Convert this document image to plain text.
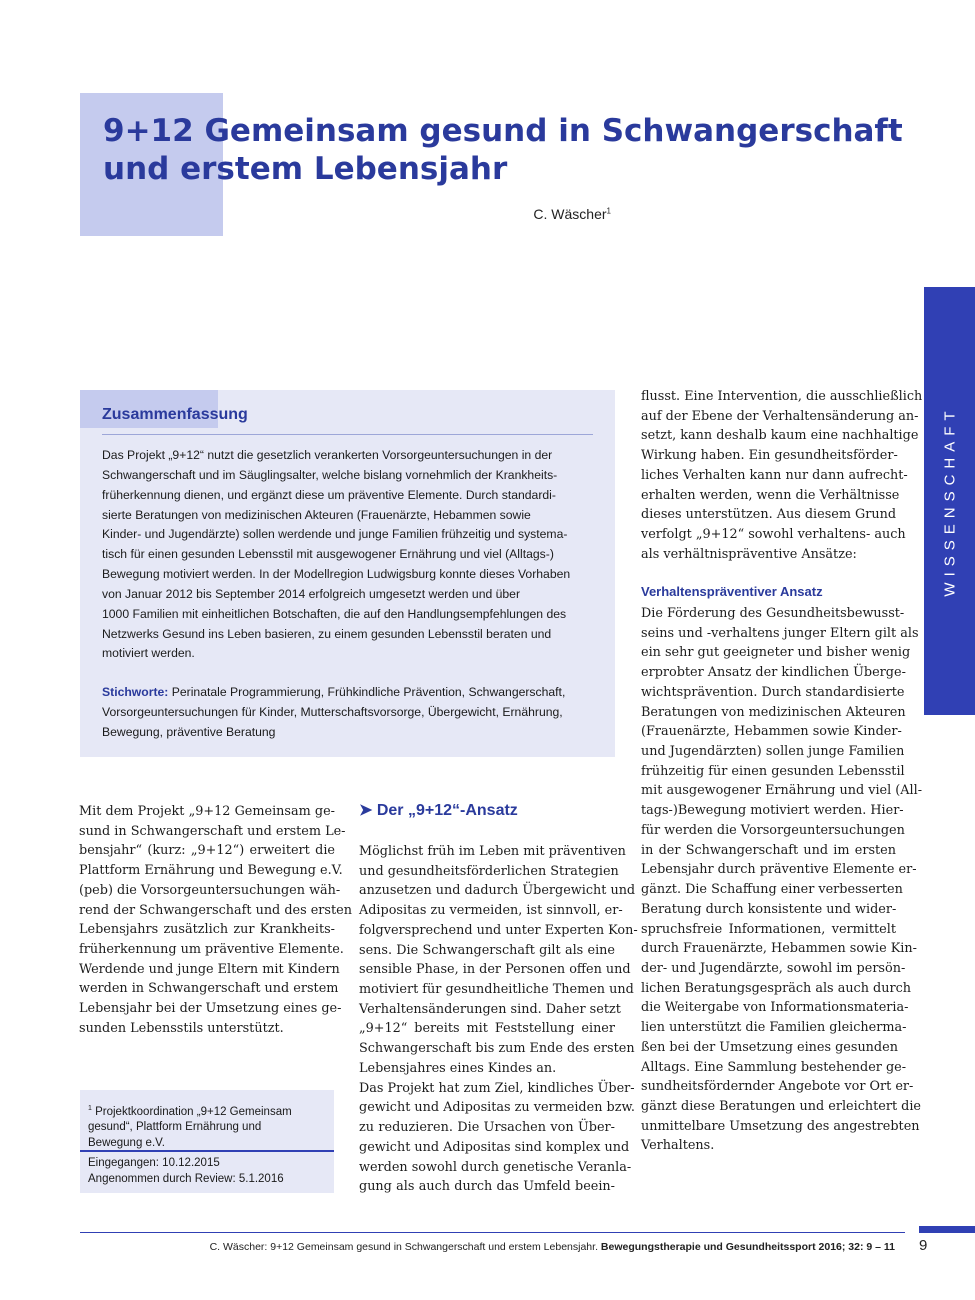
9+12 Gemeinsam gesund in Schwangerschaft
und erstem Lebensjahr
C. Wäscher$^1$
WISSENSCHAFT
Zusammenfassung
Das Projekt „9+12“ nutzt die gesetzlich verankerten Vorsorgeuntersuchungen in der
Schwangerschaft und im Säuglingsalter, welche bislang vornehmlich der Krankheits-
früherkennung dienen, und ergänzt diese um präventive Elemente. Durch standardi-
sierte Beratungen von medizinischen Akteuren (Frauenärzte, Hebammen sowie
Kinder- und Jugendärzte) sollen werdende und junge Familien frühzeitig und systema-
tisch für einen gesunden Lebensstil mit ausgewogener Ernährung und viel (Alltags-)
Bewegung motiviert werden. In der Modellregion Ludwigsburg konnte dieses Vorhaben
von Januar 2012 bis September 2014 erfolgreich umgesetzt werden und über
1000 Familien mit einheitlichen Botschaften, die auf den Handlungsempfehlungen des
Netzwerks Gesund ins Leben basieren, zu einem gesunden Lebensstil beraten und
motiviert werden.
Stichworte: Perinatale Programmierung, Frühkindliche Prävention, Schwangerschaft,
Vorsorgeuntersuchungen für Kinder, Mutterschaftsvorsorge, Übergewicht, Ernährung,
Bewegung, präventive Beratung
Mit dem Projekt „9+12 Gemeinsam ge-
sund in Schwangerschaft und erstem Le-
bensjahr“ (kurz: „9+12“) erweitert die
Plattform Ernährung und Bewegung e.V.
(peb) die Vorsorgeuntersuchungen wäh-
rend der Schwangerschaft und des ersten
Lebensjahrs zusätzlich zur Krankheits-
früherkennung um präventive Elemente.
Werdende und junge Eltern mit Kindern
werden in Schwangerschaft und erstem
Lebensjahr bei der Umsetzung eines ge-
sunden Lebensstils unterstützt.
$^1$ Projektkoordination „9+12 Gemeinsam
gesund“, Plattform Ernährung und
Bewegung e.V.
Eingegangen: 10.12.2015
Angenommen durch Review: 5.1.2016
➤ Der „9+12“-Ansatz
Möglichst früh im Leben mit präventiven
und gesundheitsförderlichen Strategien
anzusetzen und dadurch Übergewicht und
Adipositas zu vermeiden, ist sinnvoll, er-
folgversprechend und unter Experten Kon-
sens. Die Schwangerschaft gilt als eine
sensible Phase, in der Personen offen und
motiviert für gesundheitliche Themen und
Verhaltensänderungen sind. Daher setzt
„9+12“ bereits mit Feststellung einer
Schwangerschaft bis zum Ende des ersten
Lebensjahres eines Kindes an.
Das Projekt hat zum Ziel, kindliches Über-
gewicht und Adipositas zu vermeiden bzw.
zu reduzieren. Die Ursachen von Über-
gewicht und Adipositas sind komplex und
werden sowohl durch genetische Veranla-
gung als auch durch das Umfeld beein-
flusst. Eine Intervention, die ausschließlich
auf der Ebene der Verhaltensänderung an-
setzt, kann deshalb kaum eine nachhaltige
Wirkung haben. Ein gesundheitsförder-
liches Verhalten kann nur dann aufrecht-
erhalten werden, wenn die Verhältnisse
dieses unterstützen. Aus diesem Grund
verfolgt „9+12“ sowohl verhaltens- auch
als verhältnispräventive Ansätze:
Verhaltenspräventiver Ansatz
Die Förderung des Gesundheitsbewusst-
seins und -verhaltens junger Eltern gilt als
ein sehr gut geeigneter und bisher wenig
erprobter Ansatz der kindlichen Überge-
wichtsprävention. Durch standardisierte
Beratungen von medizinischen Akteuren
(Frauenärzte, Hebammen sowie Kinder-
und Jugendärzten) sollen junge Familien
frühzeitig für einen gesunden Lebensstil
mit ausgewogener Ernährung und viel (All-
tags-)Bewegung motiviert werden. Hier-
für werden die Vorsorgeuntersuchungen
in der Schwangerschaft und im ersten
Lebensjahr durch präventive Elemente er-
gänzt. Die Schaffung einer verbesserten
Beratung durch konsistente und wider-
spruchsfreie Informationen, vermittelt
durch Frauenärzte, Hebammen sowie Kin-
der- und Jugendärzte, sowohl im persön-
lichen Beratungsgespräch als auch durch
die Weitergabe von Informationsmateria-
lien unterstützt die Familien gleicherma-
ßen bei der Umsetzung eines gesunden
Alltags. Eine Sammlung bestehender ge-
sundheitsfördernder Angebote vor Ort er-
gänzt diese Beratungen und erleichtert die
unmittelbare Umsetzung des angestrebten
Verhaltens.
C. Wäscher: 9+12 Gemeinsam gesund in Schwangerschaft und erstem Lebensjahr. Bewegungstherapie und Gesundheitssport 2016; 32: 9 – 11 9
